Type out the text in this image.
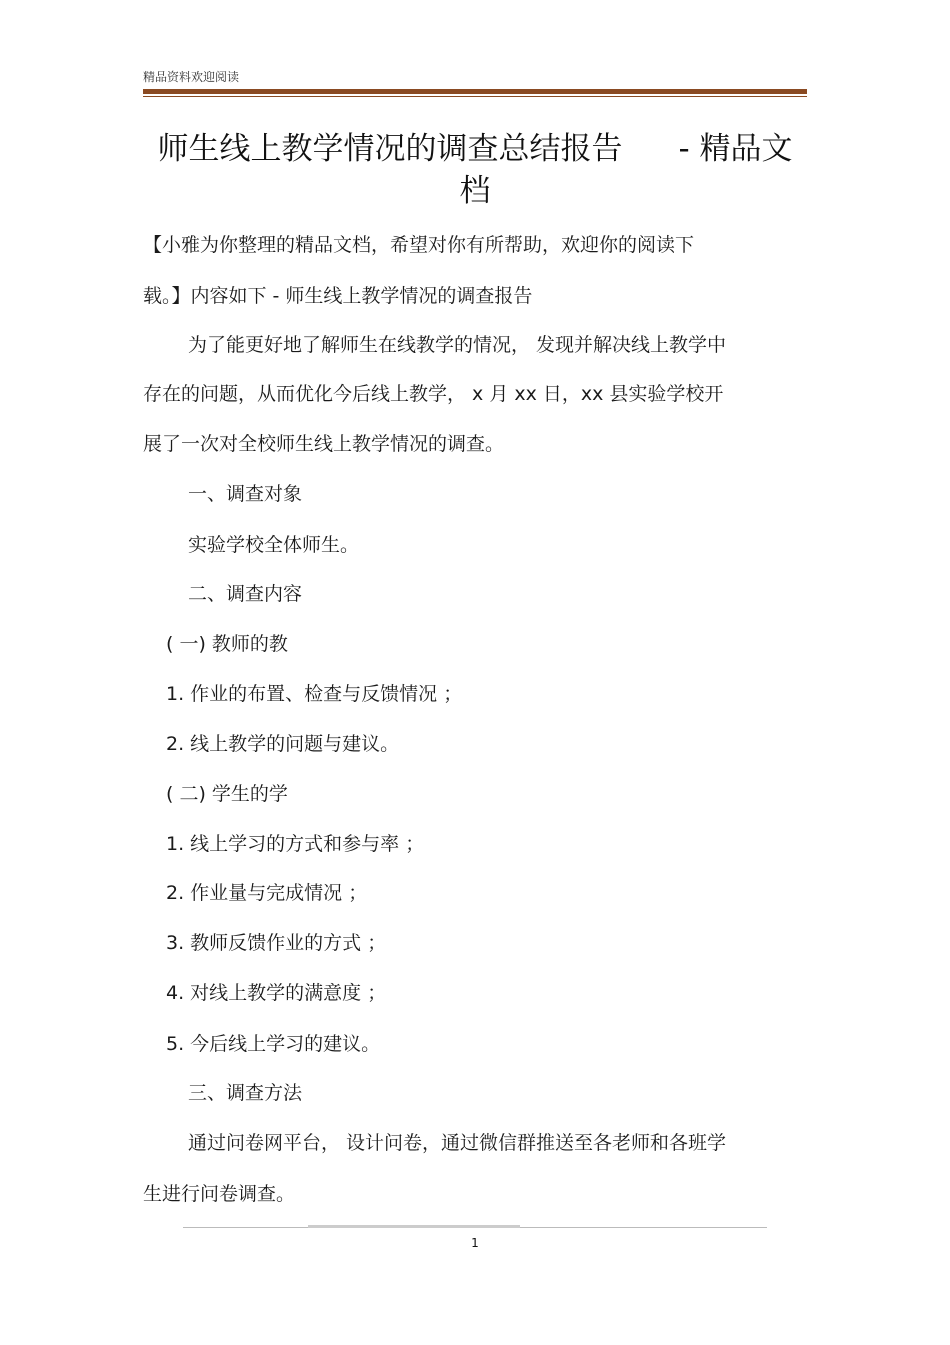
精品资料欢迎阅读
师生线上教学情况的调查总结报告 - 精品文
档
【小雅为你整理的精品文档，希望对你有所帮助，欢迎你的阅读下
载。】内容如下 - 师生线上教学情况的调查报告
为了能更好地了解师生在线教学的情况， 发现并解决线上教学中
存在的问题，从而优化今后线上教学， x 月 xx 日，xx 县实验学校开
展了一次对全校师生线上教学情况的调查。
一、调查对象
实验学校全体师生。
二、调查内容
( 一) 教师的教
1. 作业的布置、检查与反馈情况 ；
2. 线上教学的问题与建议。
( 二) 学生的学
1. 线上学习的方式和参与率 ；
2. 作业量与完成情况 ；
3. 教师反馈作业的方式 ；
4. 对线上教学的满意度 ；
5. 今后线上学习的建议。
三、调查方法
通过问卷网平台， 设计问卷，通过微信群推送至各老师和各班学
生进行问卷调查。
1
